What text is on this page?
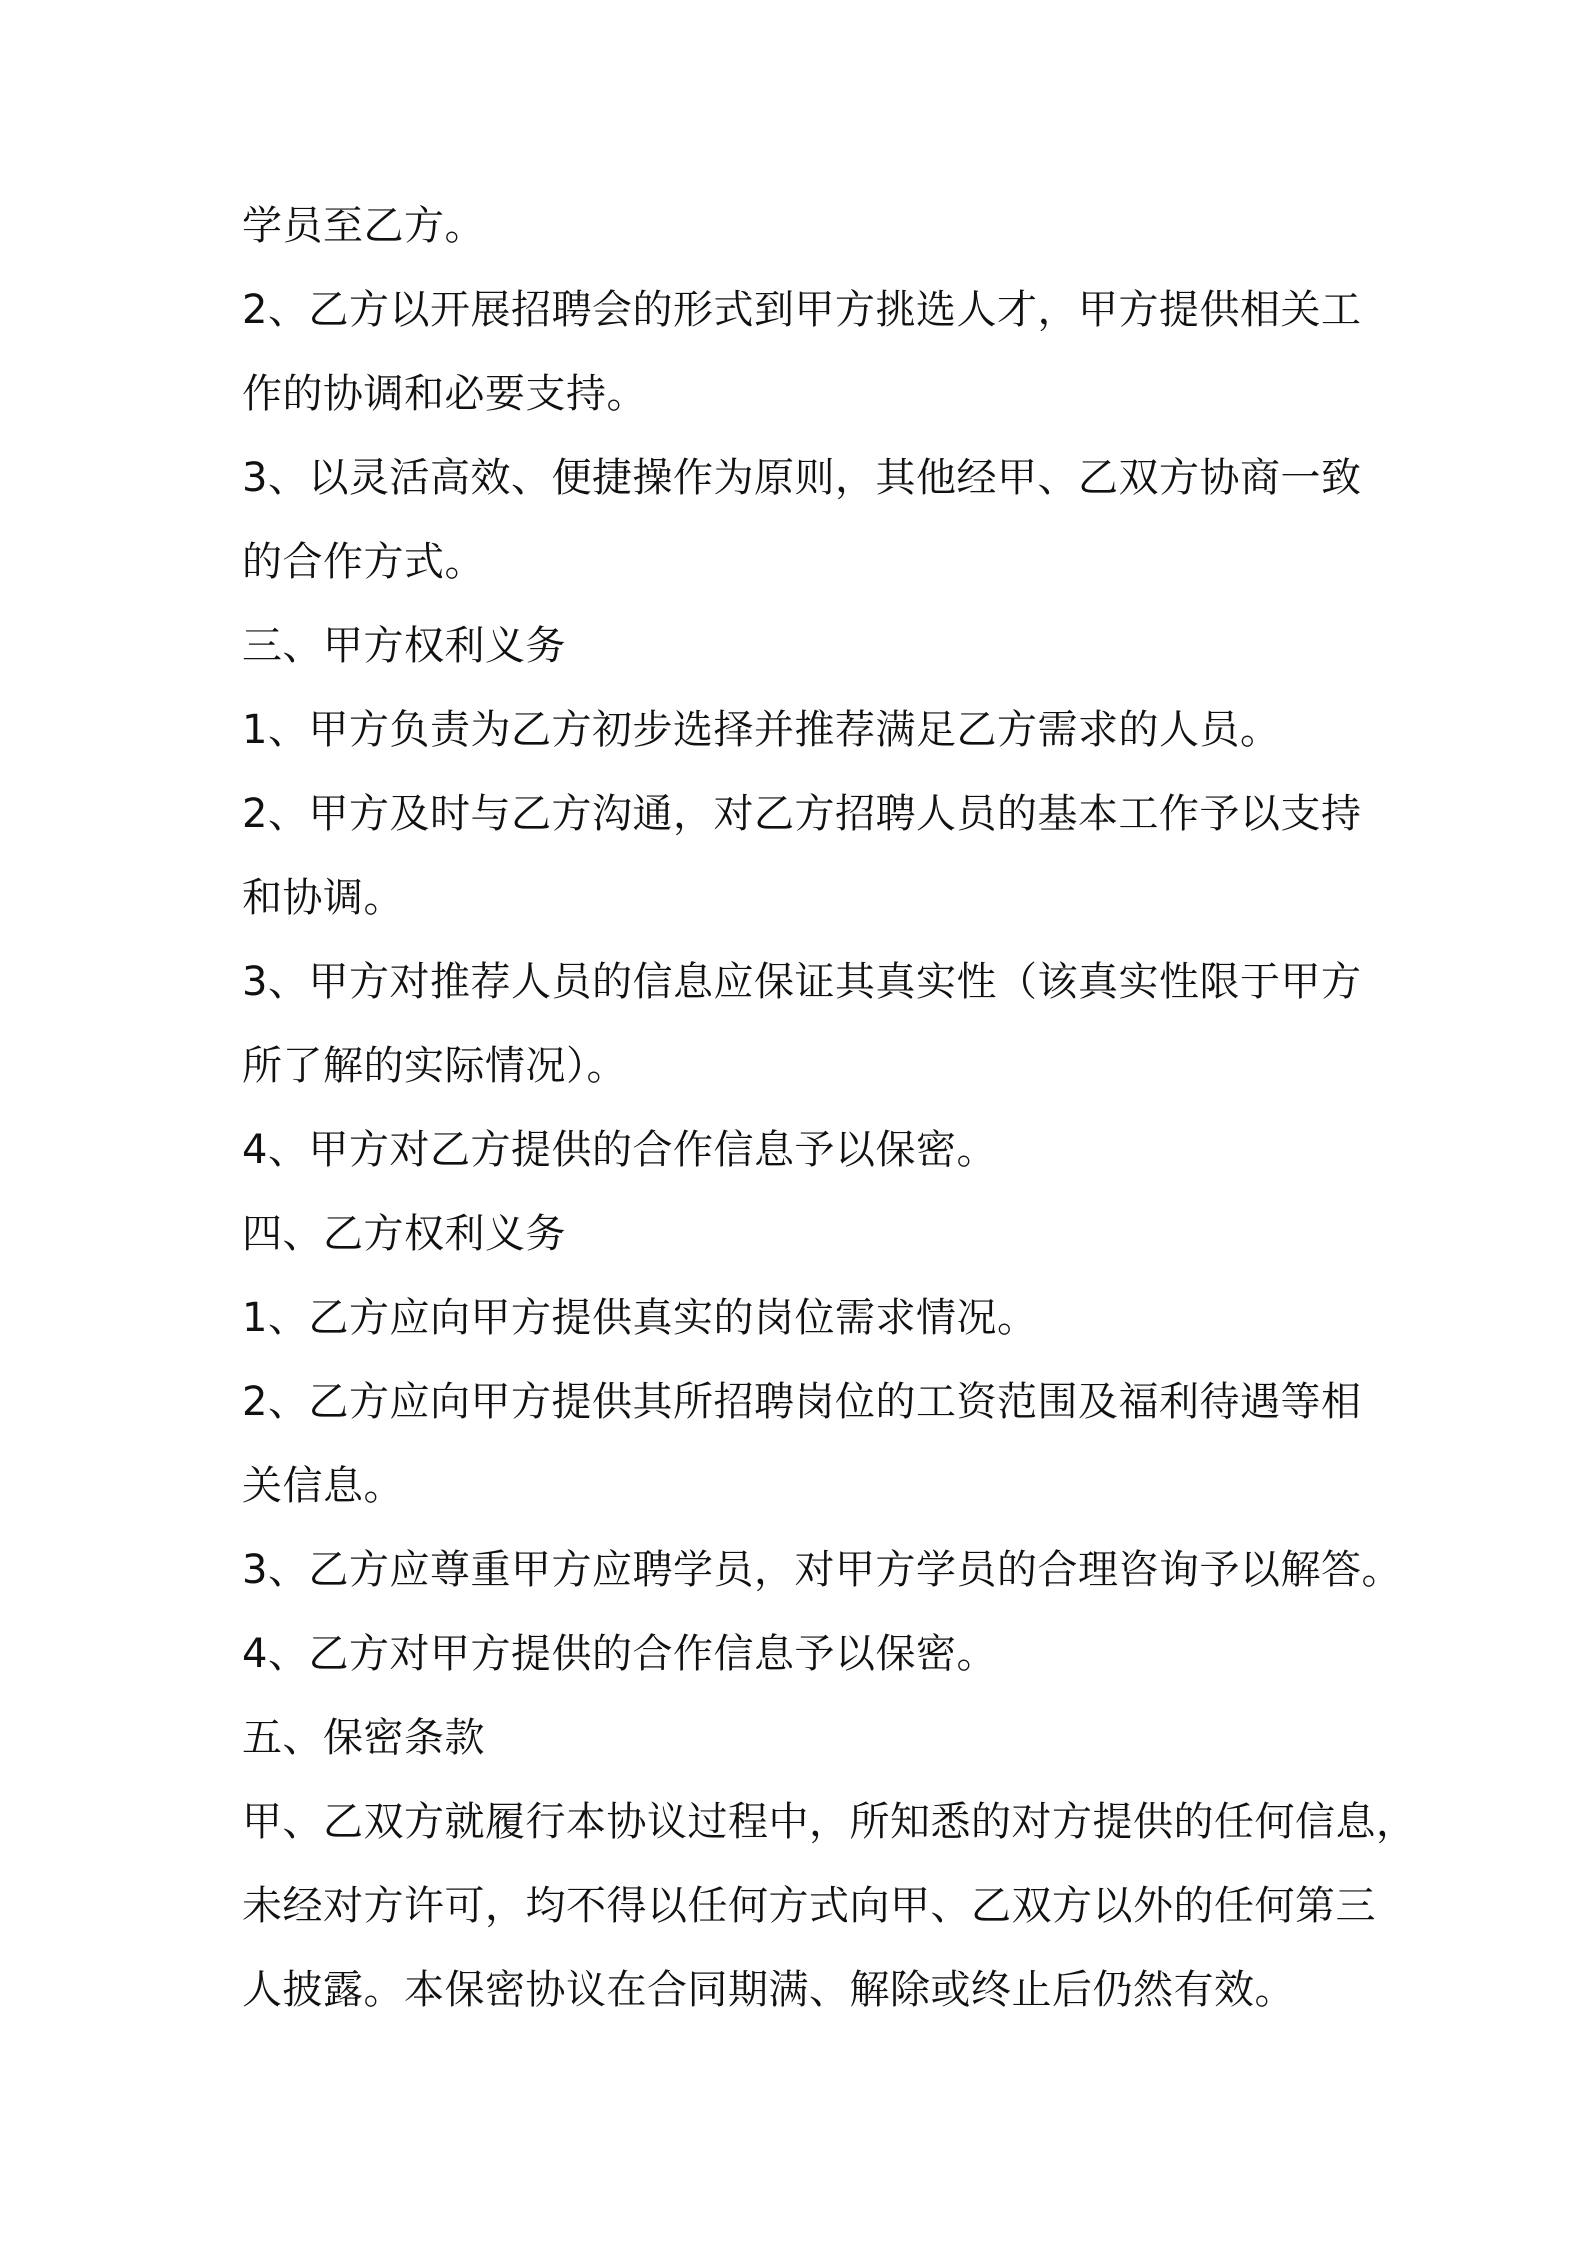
学员至乙方。

2、乙方以开展招聘会的形式到甲方挑选人才，甲方提供相关工

作的协调和必要支持。

3、以灵活高效、便捷操作为原则，其他经甲、乙双方协商一致

的合作方式。

三、甲方权利义务

1、甲方负责为乙方初步选择并推荐满足乙方需求的人员。

2、甲方及时与乙方沟通，对乙方招聘人员的基本工作予以支持

和协调。

3、甲方对推荐人员的信息应保证其真实性（该真实性限于甲方

所了解的实际情况）。

4、甲方对乙方提供的合作信息予以保密。

四、乙方权利义务

1、乙方应向甲方提供真实的岗位需求情况。

2、乙方应向甲方提供其所招聘岗位的工资范围及福利待遇等相

关信息。

3、乙方应尊重甲方应聘学员，对甲方学员的合理咨询予以解答。

4、乙方对甲方提供的合作信息予以保密。

五、保密条款

甲、乙双方就履行本协议过程中，所知悉的对方提供的任何信息，

未经对方许可，均不得以任何方式向甲、乙双方以外的任何第三

人披露。本保密协议在合同期满、解除或终止后仍然有效。
